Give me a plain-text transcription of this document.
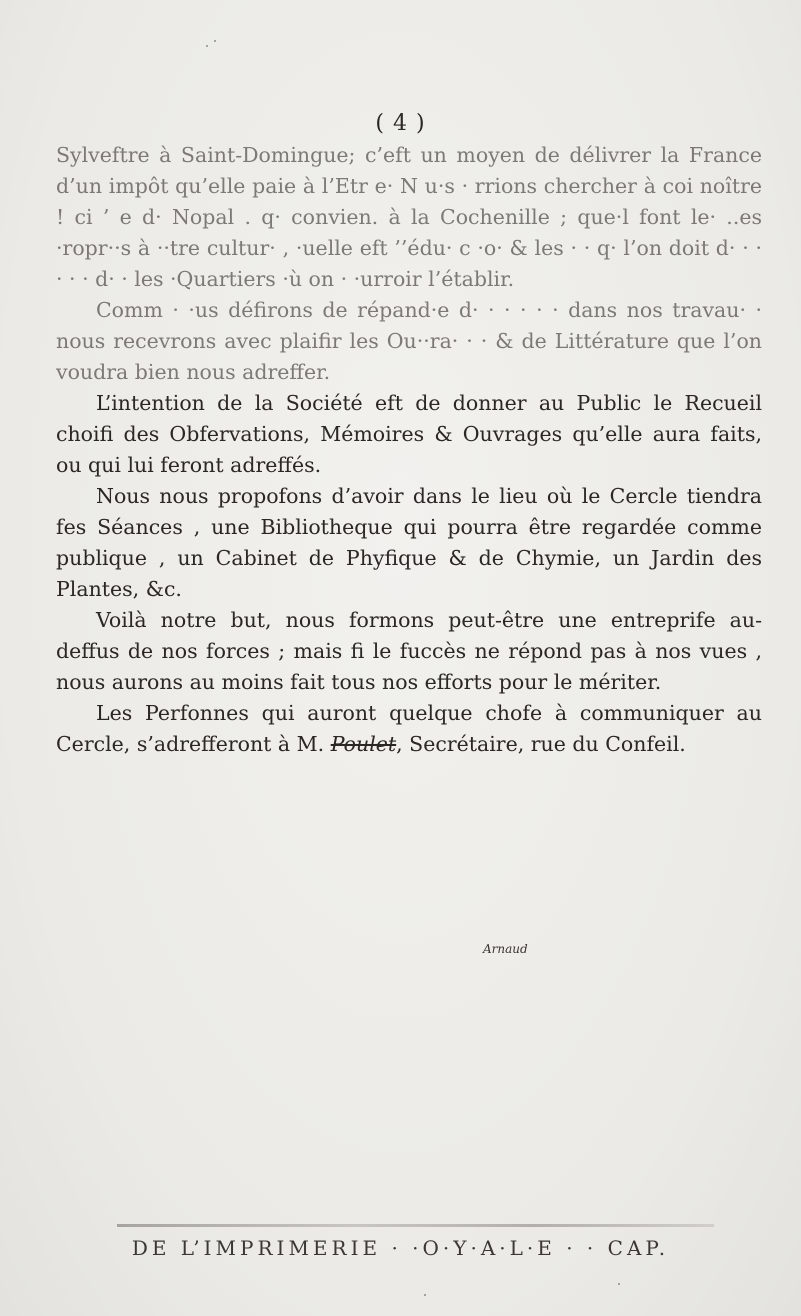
( 4 )

Sylveftre à Saint-Domingue; c’eft un moyen de délivrer la France d’un impôt qu’elle paie à l’Etr e· N u·s · rrions chercher à coi noître ! ci ’ e d· Nopal . q· convien. à la Cochenille ; que·l font le· ..es ·ropr··s à ··tre cultur· , ·uelle eft ’’édu· c ·o· & les · · q· l’on doit d· · · · · · d· · les ·Quartiers ·ù on · ·urroir l’établir.

Comm · ·us défirons de répand·e d· · · · · · dans nos travau· · nous recevrons avec plaifir les Ou··ra· · · & de Littérature que l’on voudra bien nous adreffer.

L’intention de la Société eft de donner au Public le Recueil choifi des Obfervations, Mémoires & Ouvrages qu’elle aura faits, ou qui lui feront adreffés.

Nous nous propofons d’avoir dans le lieu où le Cercle tiendra fes Séances , une Bibliotheque qui pourra être regardée comme publique , un Cabinet de Phyfique & de Chymie, un Jardin des Plantes, &c.

Voilà notre but, nous formons peut-être une entreprife au-deffus de nos forces ; mais fi le fuccès ne répond pas à nos vues , nous aurons au moins fait tous nos efforts pour le mériter.

Les Perfonnes qui auront quelque chofe à communiquer au Cercle, s’adrefferont à M. Poulet, Secrétaire, rue du Confeil.

Arnaud
DE L’IMPRIMERIE · ·O·Y·A·L·E · · CAP.
